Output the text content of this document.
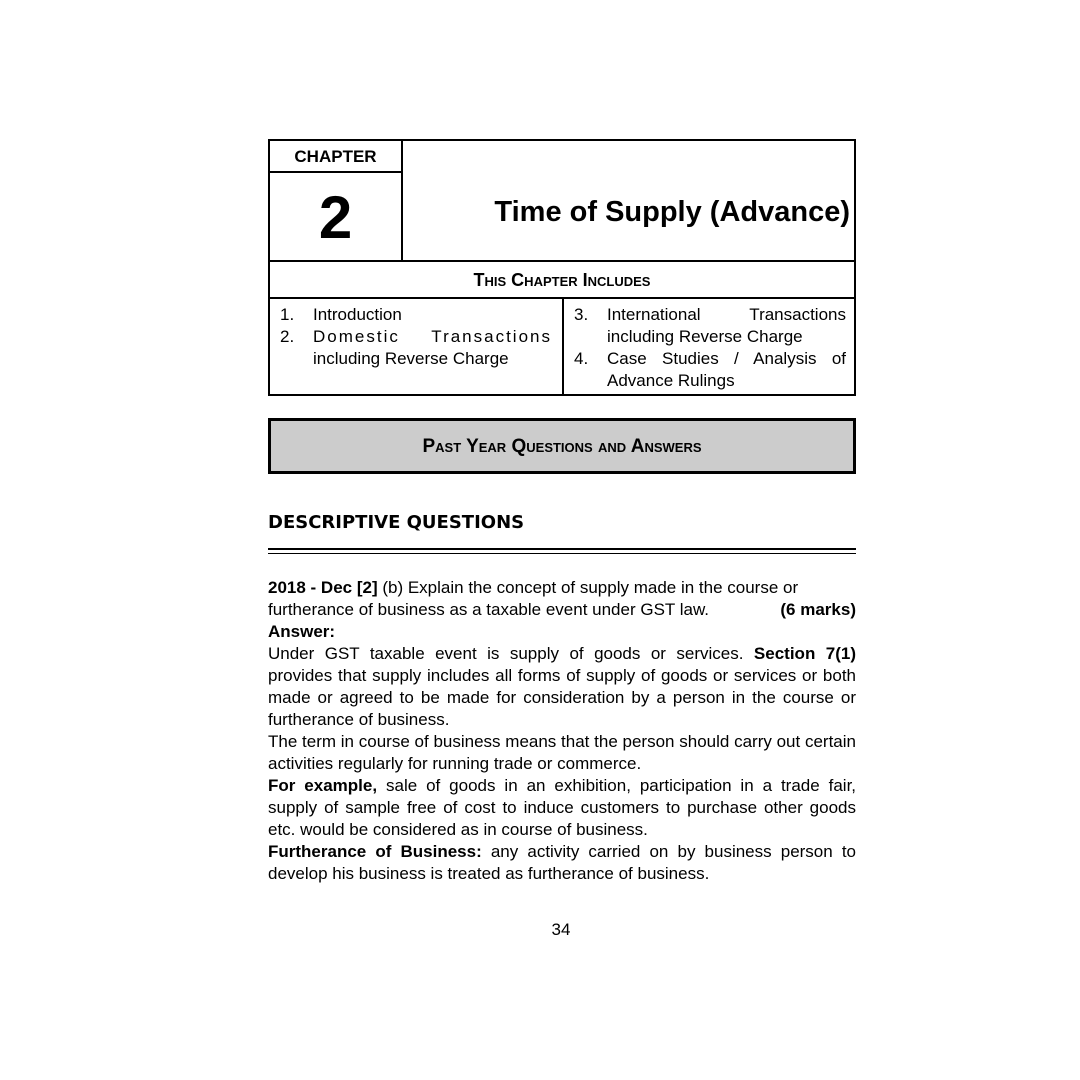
CHAPTER
2	Time of Supply (Advance)
This Chapter Includes
1. Introduction
2. Domestic Transactions
including Reverse Charge
3. International Transactions
including Reverse Charge
4. Case Studies / Analysis of
Advance Rulings
Past Year Questions and Answers
DESCRIPTIVE QUESTIONS

2018 - Dec [2] (b) Explain the concept of supply made in the course or
furtherance of business as a taxable event under GST law.	(6 marks)

Answer:

Under GST taxable event is supply of goods or services. Section 7(1) provides that supply includes all forms of supply of goods or services or both made or agreed to be made for consideration by a person in the course or furtherance of business.

The term in course of business means that the person should carry out certain activities regularly for running trade or commerce.

For example, sale of goods in an exhibition, participation in a trade fair, supply of sample free of cost to induce customers to purchase other goods etc. would be considered as in course of business.

Furtherance of Business: any activity carried on by business person to develop his business is treated as furtherance of business.

34
